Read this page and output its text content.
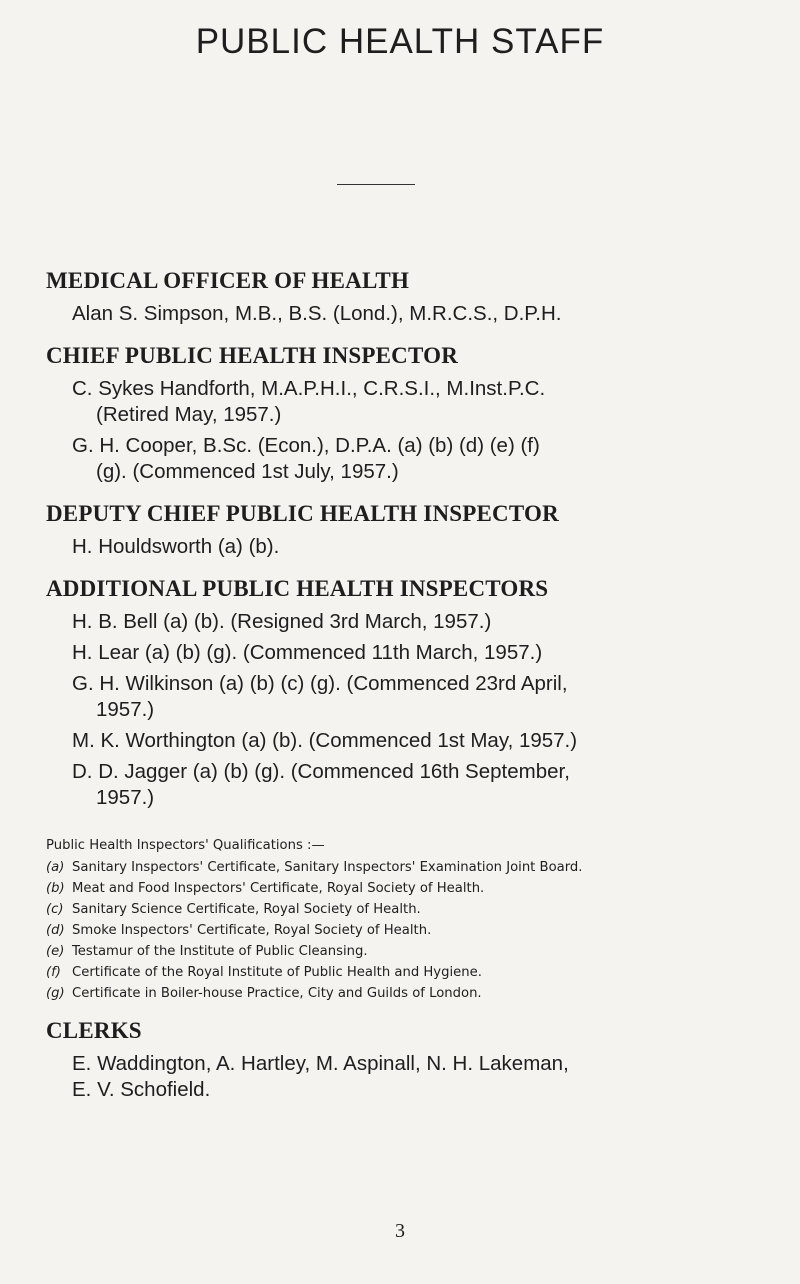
PUBLIC HEALTH STAFF
MEDICAL OFFICER OF HEALTH

Alan S. Simpson, M.B., B.S. (Lond.), M.R.C.S., D.P.H.

CHIEF PUBLIC HEALTH INSPECTOR

C. Sykes Handforth, M.A.P.H.I., C.R.S.I., M.Inst.P.C.
(Retired May, 1957.)

G. H. Cooper, B.Sc. (Econ.), D.P.A. (a) (b) (d) (e) (f)
(g). (Commenced 1st July, 1957.)

DEPUTY CHIEF PUBLIC HEALTH INSPECTOR

H. Houldsworth (a) (b).

ADDITIONAL PUBLIC HEALTH INSPECTORS

H. B. Bell (a) (b). (Resigned 3rd March, 1957.)

H. Lear (a) (b) (g). (Commenced 11th March, 1957.)

G. H. Wilkinson (a) (b) (c) (g). (Commenced 23rd April,
1957.)

M. K. Worthington (a) (b). (Commenced 1st May, 1957.)

D. D. Jagger (a) (b) (g). (Commenced 16th September,
1957.)

Public Health Inspectors' Qualifications :—

(a) Sanitary Inspectors' Certificate, Sanitary Inspectors' Examination Joint Board.
(b) Meat and Food Inspectors' Certificate, Royal Society of Health.
(c) Sanitary Science Certificate, Royal Society of Health.
(d) Smoke Inspectors' Certificate, Royal Society of Health.
(e) Testamur of the Institute of Public Cleansing.
(f) Certificate of the Royal Institute of Public Health and Hygiene.
(g) Certificate in Boiler-house Practice, City and Guilds of London.
CLERKS

E. Waddington, A. Hartley, M. Aspinall, N. H. Lakeman,
E. V. Schofield.

3
